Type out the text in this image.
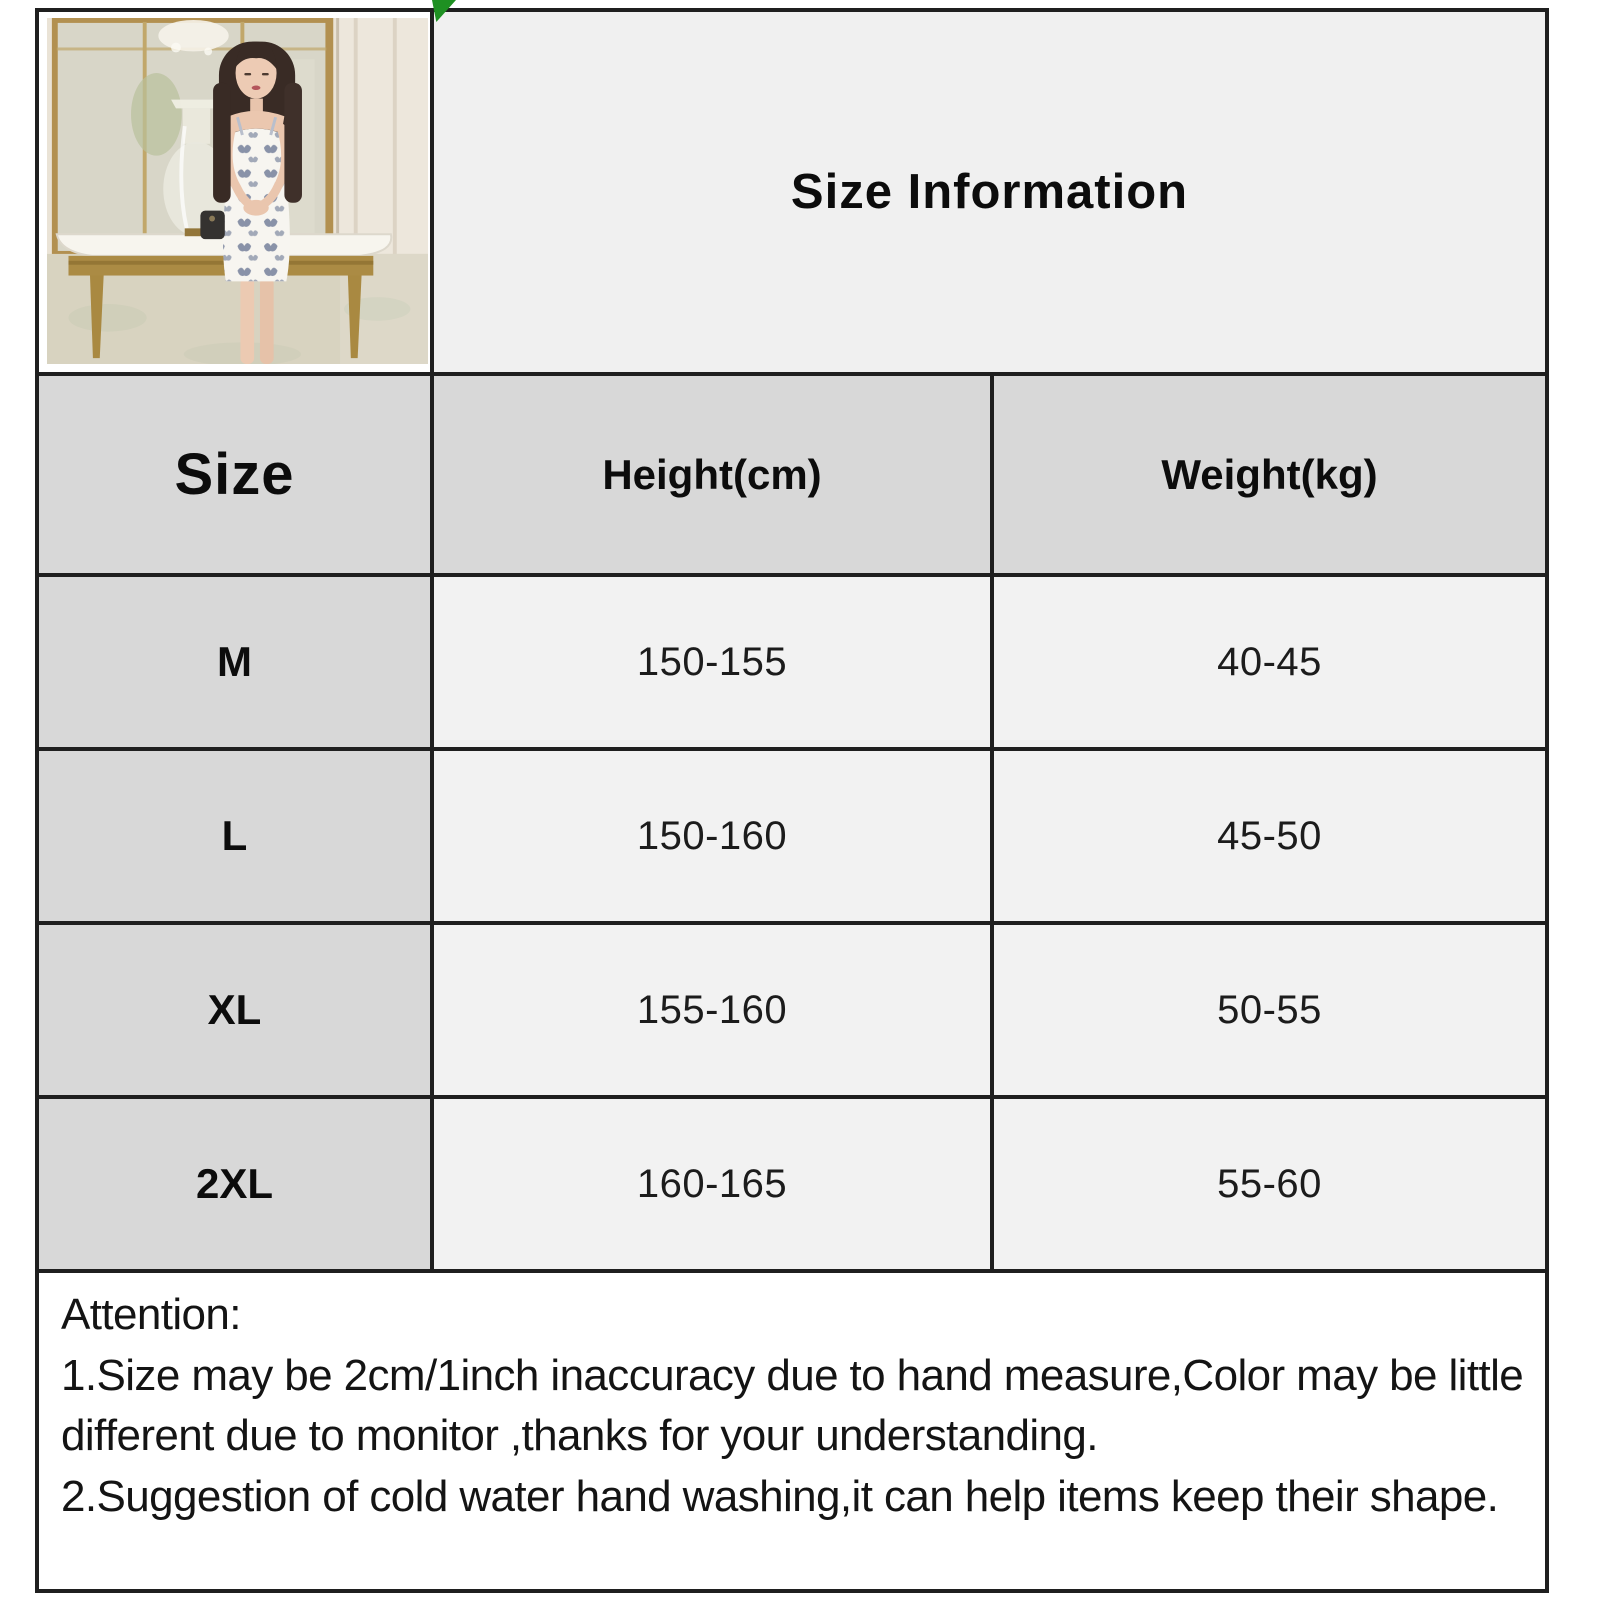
Size Information
Size	Height(cm)	Weight(kg)
M	150-155	40-45
L	150-160	45-50
XL	155-160	50-55
2XL	160-165	55-60
Attention:
1.Size may be 2cm/1inch inaccuracy due to hand measure,Color may be little
different due to monitor ,thanks for your understanding.
2.Suggestion of cold water hand washing,it can help items keep their shape.
